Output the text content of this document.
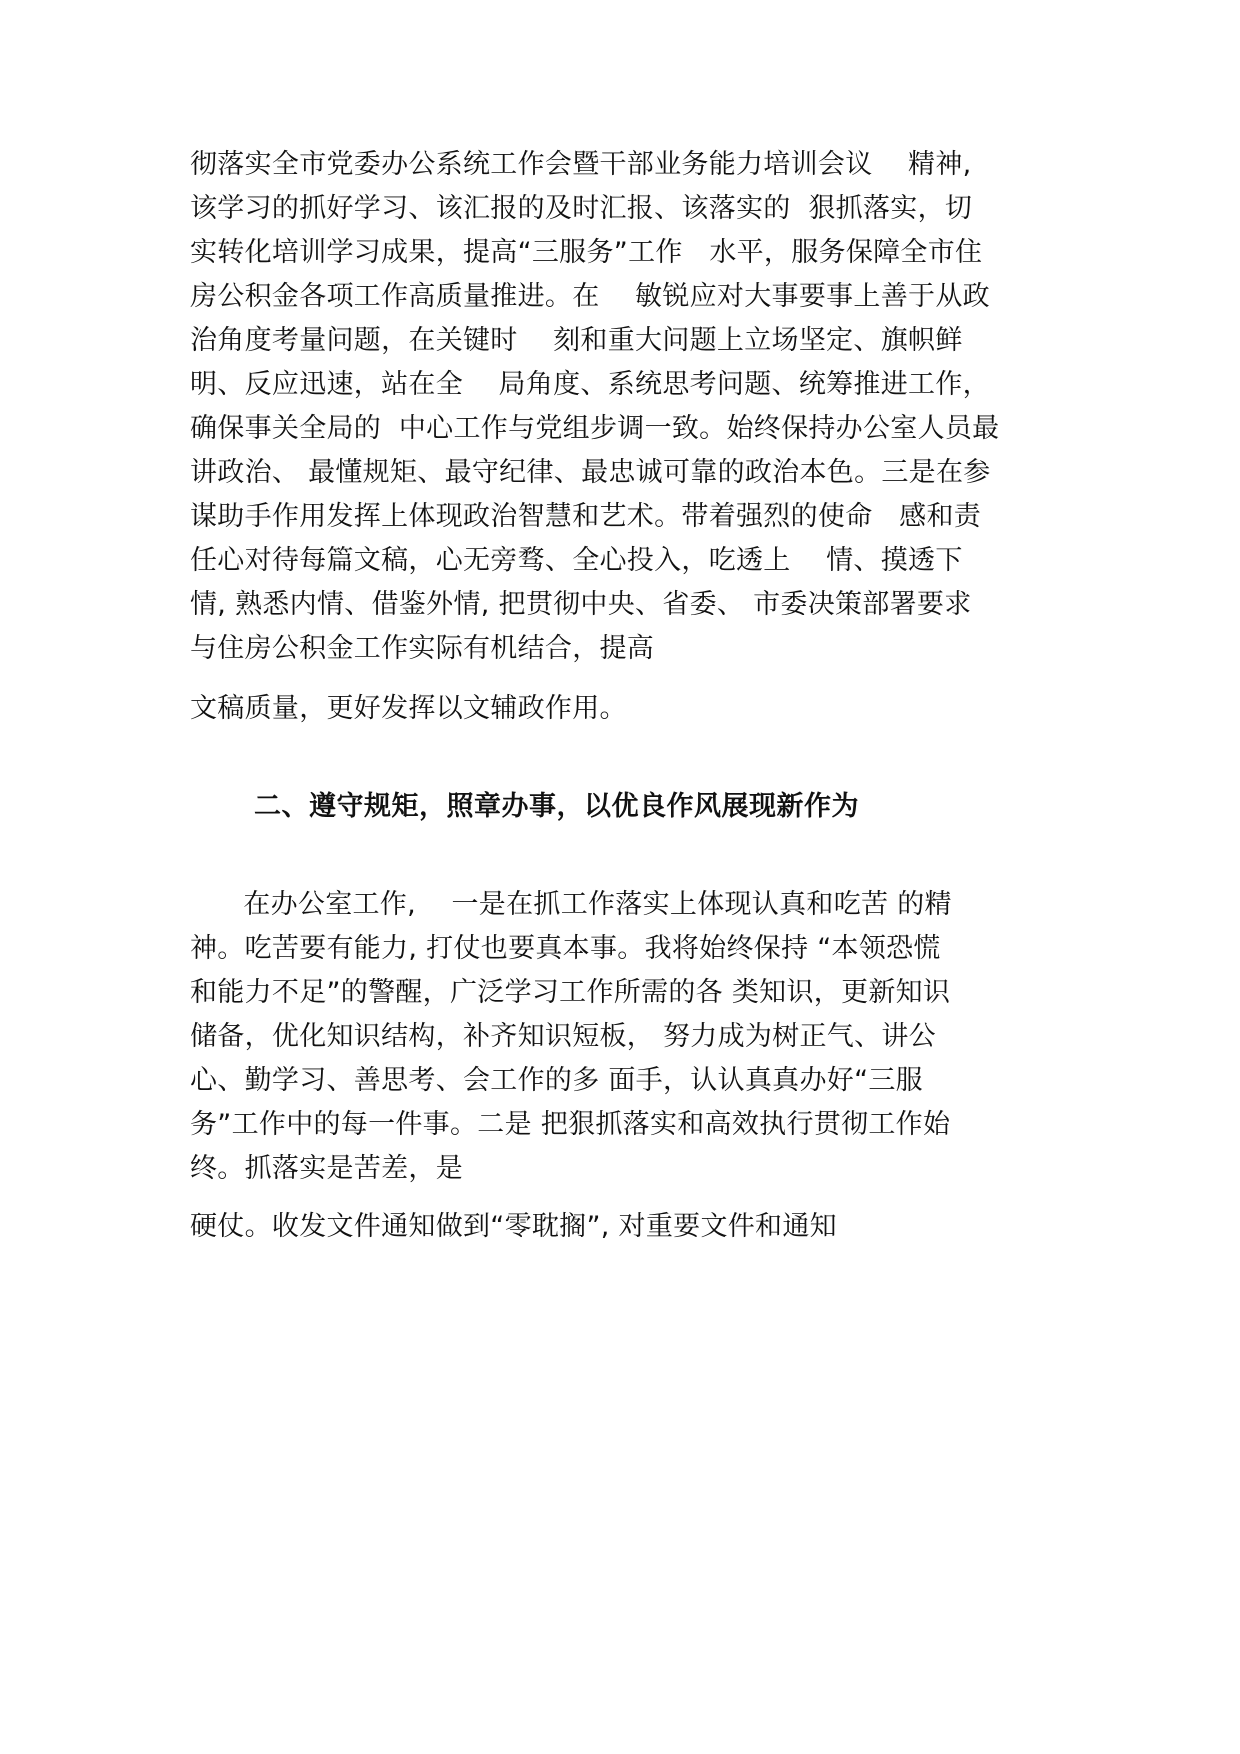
彻落实全市党委办公系统工作会暨干部业务能力培训会议    精神,

该学习的抓好学习、该汇报的及时汇报、该落实的  狠抓落实，切

实转化培训学习成果，提高“三服务”工作   水平，服务保障全市住

房公积金各项工作高质量推进。在    敏锐应对大事要事上善于从政

治角度考量问题，在关键时    刻和重大问题上立场坚定、旗帜鲜

明、反应迅速，站在全    局角度、系统思考问题、统筹推进工作，

确保事关全局的  中心工作与党组步调一致。始终保持办公室人员最

讲政治、 最懂规矩、最守纪律、最忠诚可靠的政治本色。三是在参

谋助手作用发挥上体现政治智慧和艺术。带着强烈的使命   感和责

任心对待每篇文稿，心无旁骛、全心投入，吃透上    情、摸透下

情, 熟悉内情、借鉴外情, 把贯彻中央、省委、 市委决策部署要求

与住房公积金工作实际有机结合，提高

文稿质量，更好发挥以文辅政作用。

二、遵守规矩，照章办事，以优良作风展现新作为

在办公室工作,    一是在抓工作落实上体现认真和吃苦 的精

神。吃苦要有能力, 打仗也要真本事。我将始终保持 “本领恐慌

和能力不足”的警醒，广泛学习工作所需的各 类知识，更新知识

储备，优化知识结构，补齐知识短板， 努力成为树正气、讲公

心、勤学习、善思考、会工作的多 面手，认认真真办好“三服

务”工作中的每一件事。二是 把狠抓落实和高效执行贯彻工作始

终。抓落实是苦差，是

硬仗。收发文件通知做到“零耽搁”, 对重要文件和通知
